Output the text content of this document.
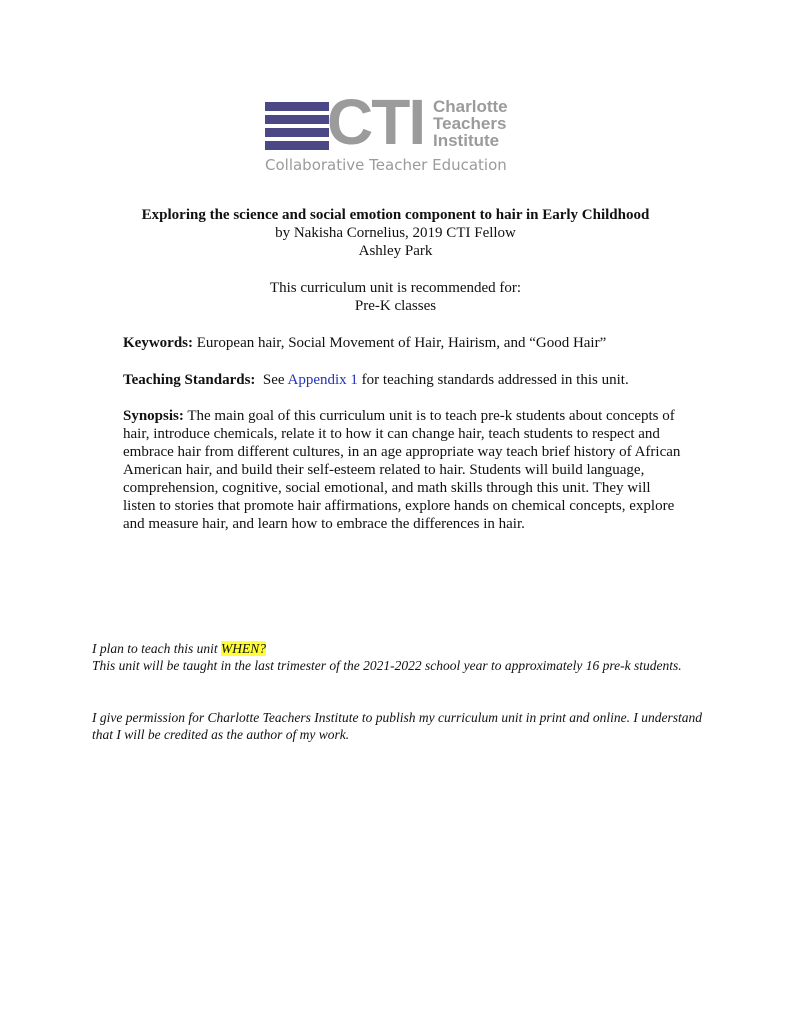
CTI Charlotte
Teachers
Institute
Collaborative Teacher Education
Exploring the science and social emotion component to hair in Early Childhood
by Nakisha Cornelius, 2019 CTI Fellow
Ashley Park
This curriculum unit is recommended for:
Pre-K classes
Keywords: European hair, Social Movement of Hair, Hairism, and “Good Hair”
Teaching Standards:  See Appendix 1 for teaching standards addressed in this unit.
Synopsis: The main goal of this curriculum unit is to teach pre-k students about concepts of hair, introduce chemicals, relate it to how it can change hair, teach students to respect and embrace hair from different cultures, in an age appropriate way teach brief history of African American hair, and build their self-esteem related to hair. Students will build language, comprehension, cognitive, social emotional, and math skills through this unit. They will listen to stories that promote hair affirmations, explore hands on chemical concepts, explore and measure hair, and learn how to embrace the differences in hair.
I plan to teach this unit WHEN?
This unit will be taught in the last trimester of the 2021-2022 school year to approximately 16 pre-k students.
I give permission for Charlotte Teachers Institute to publish my curriculum unit in print and online. I understand that I will be credited as the author of my work.
